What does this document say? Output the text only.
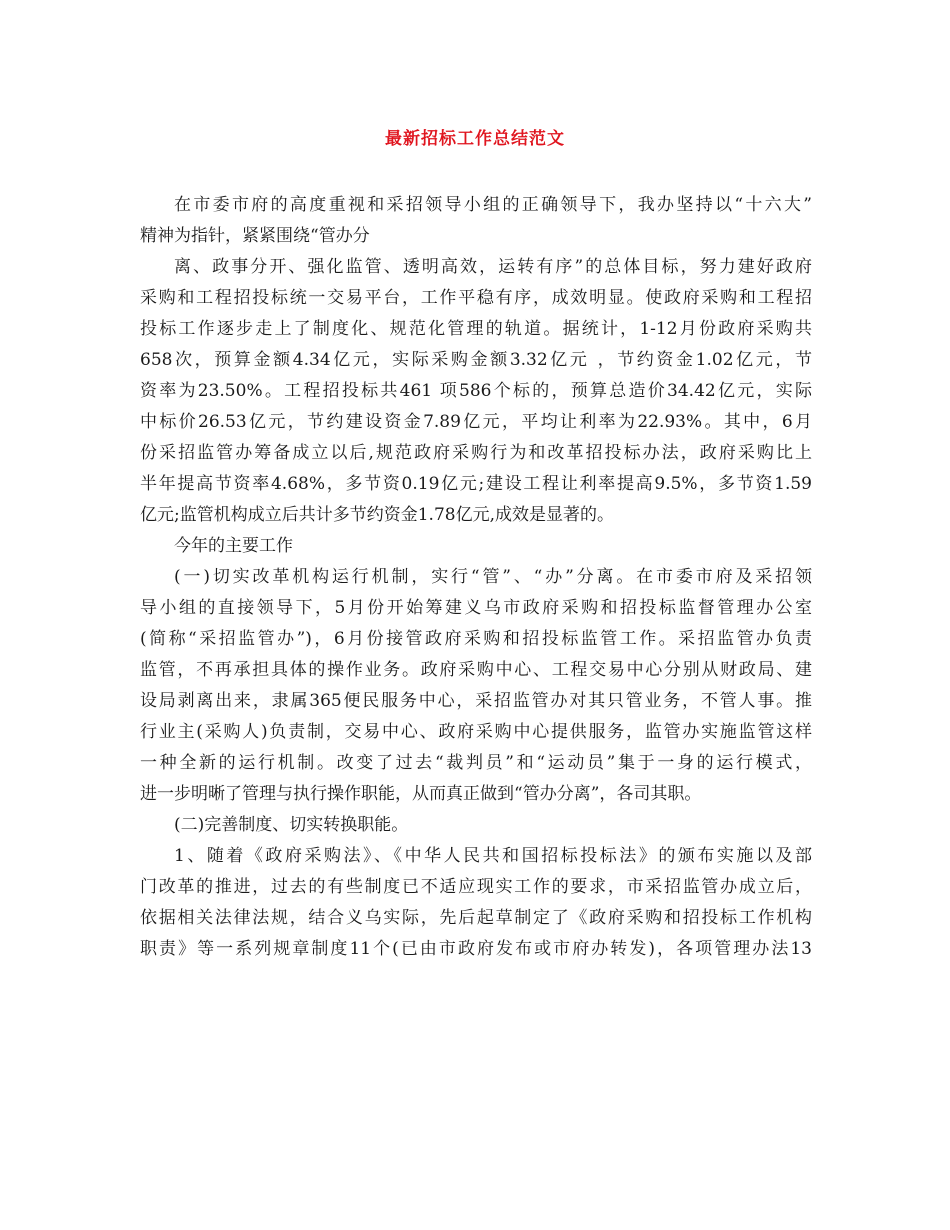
最新招标工作总结范文
在市委市府的高度重视和采招领导小组的正确领导下，我办坚持以“十六大”
精神为指针，紧紧围绕“管办分
离、政事分开、强化监管、透明高效，运转有序”的总体目标，努力建好政府
采购和工程招投标统一交易平台，工作平稳有序，成效明显。使政府采购和工程招
投标工作逐步走上了制度化、规范化管理的轨道。据统计，1-12月份政府采购共
658次，预算金额4.34亿元，实际采购金额3.32亿元 ，节约资金1.02亿元，节
资率为23.50%。工程招投标共461 项586个标的，预算总造价34.42亿元，实际
中标价26.53亿元，节约建设资金7.89亿元，平均让利率为22.93%。其中，6月
份采招监管办筹备成立以后,规范政府采购行为和改革招投标办法，政府采购比上
半年提高节资率4.68%，多节资0.19亿元;建设工程让利率提高9.5%，多节资1.59
亿元;监管机构成立后共计多节约资金1.78亿元,成效是显著的。
今年的主要工作
(一)切实改革机构运行机制，实行“管”、“办”分离。在市委市府及采招领
导小组的直接领导下，5月份开始筹建义乌市政府采购和招投标监督管理办公室
(简称“采招监管办”)，6月份接管政府采购和招投标监管工作。采招监管办负责
监管，不再承担具体的操作业务。政府采购中心、工程交易中心分别从财政局、建
设局剥离出来，隶属365便民服务中心，采招监管办对其只管业务，不管人事。推
行业主(采购人)负责制，交易中心、政府采购中心提供服务，监管办实施监管这样
一种全新的运行机制。改变了过去“裁判员”和“运动员”集于一身的运行模式，
进一步明晰了管理与执行操作职能，从而真正做到“管办分离”，各司其职。
(二)完善制度、切实转换职能。
1、随着《政府采购法》、《中华人民共和国招标投标法》的颁布实施以及部
门改革的推进，过去的有些制度已不适应现实工作的要求，市采招监管办成立后，
依据相关法律法规，结合义乌实际，先后起草制定了《政府采购和招投标工作机构
职责》等一系列规章制度11个(已由市政府发布或市府办转发)，各项管理办法13
